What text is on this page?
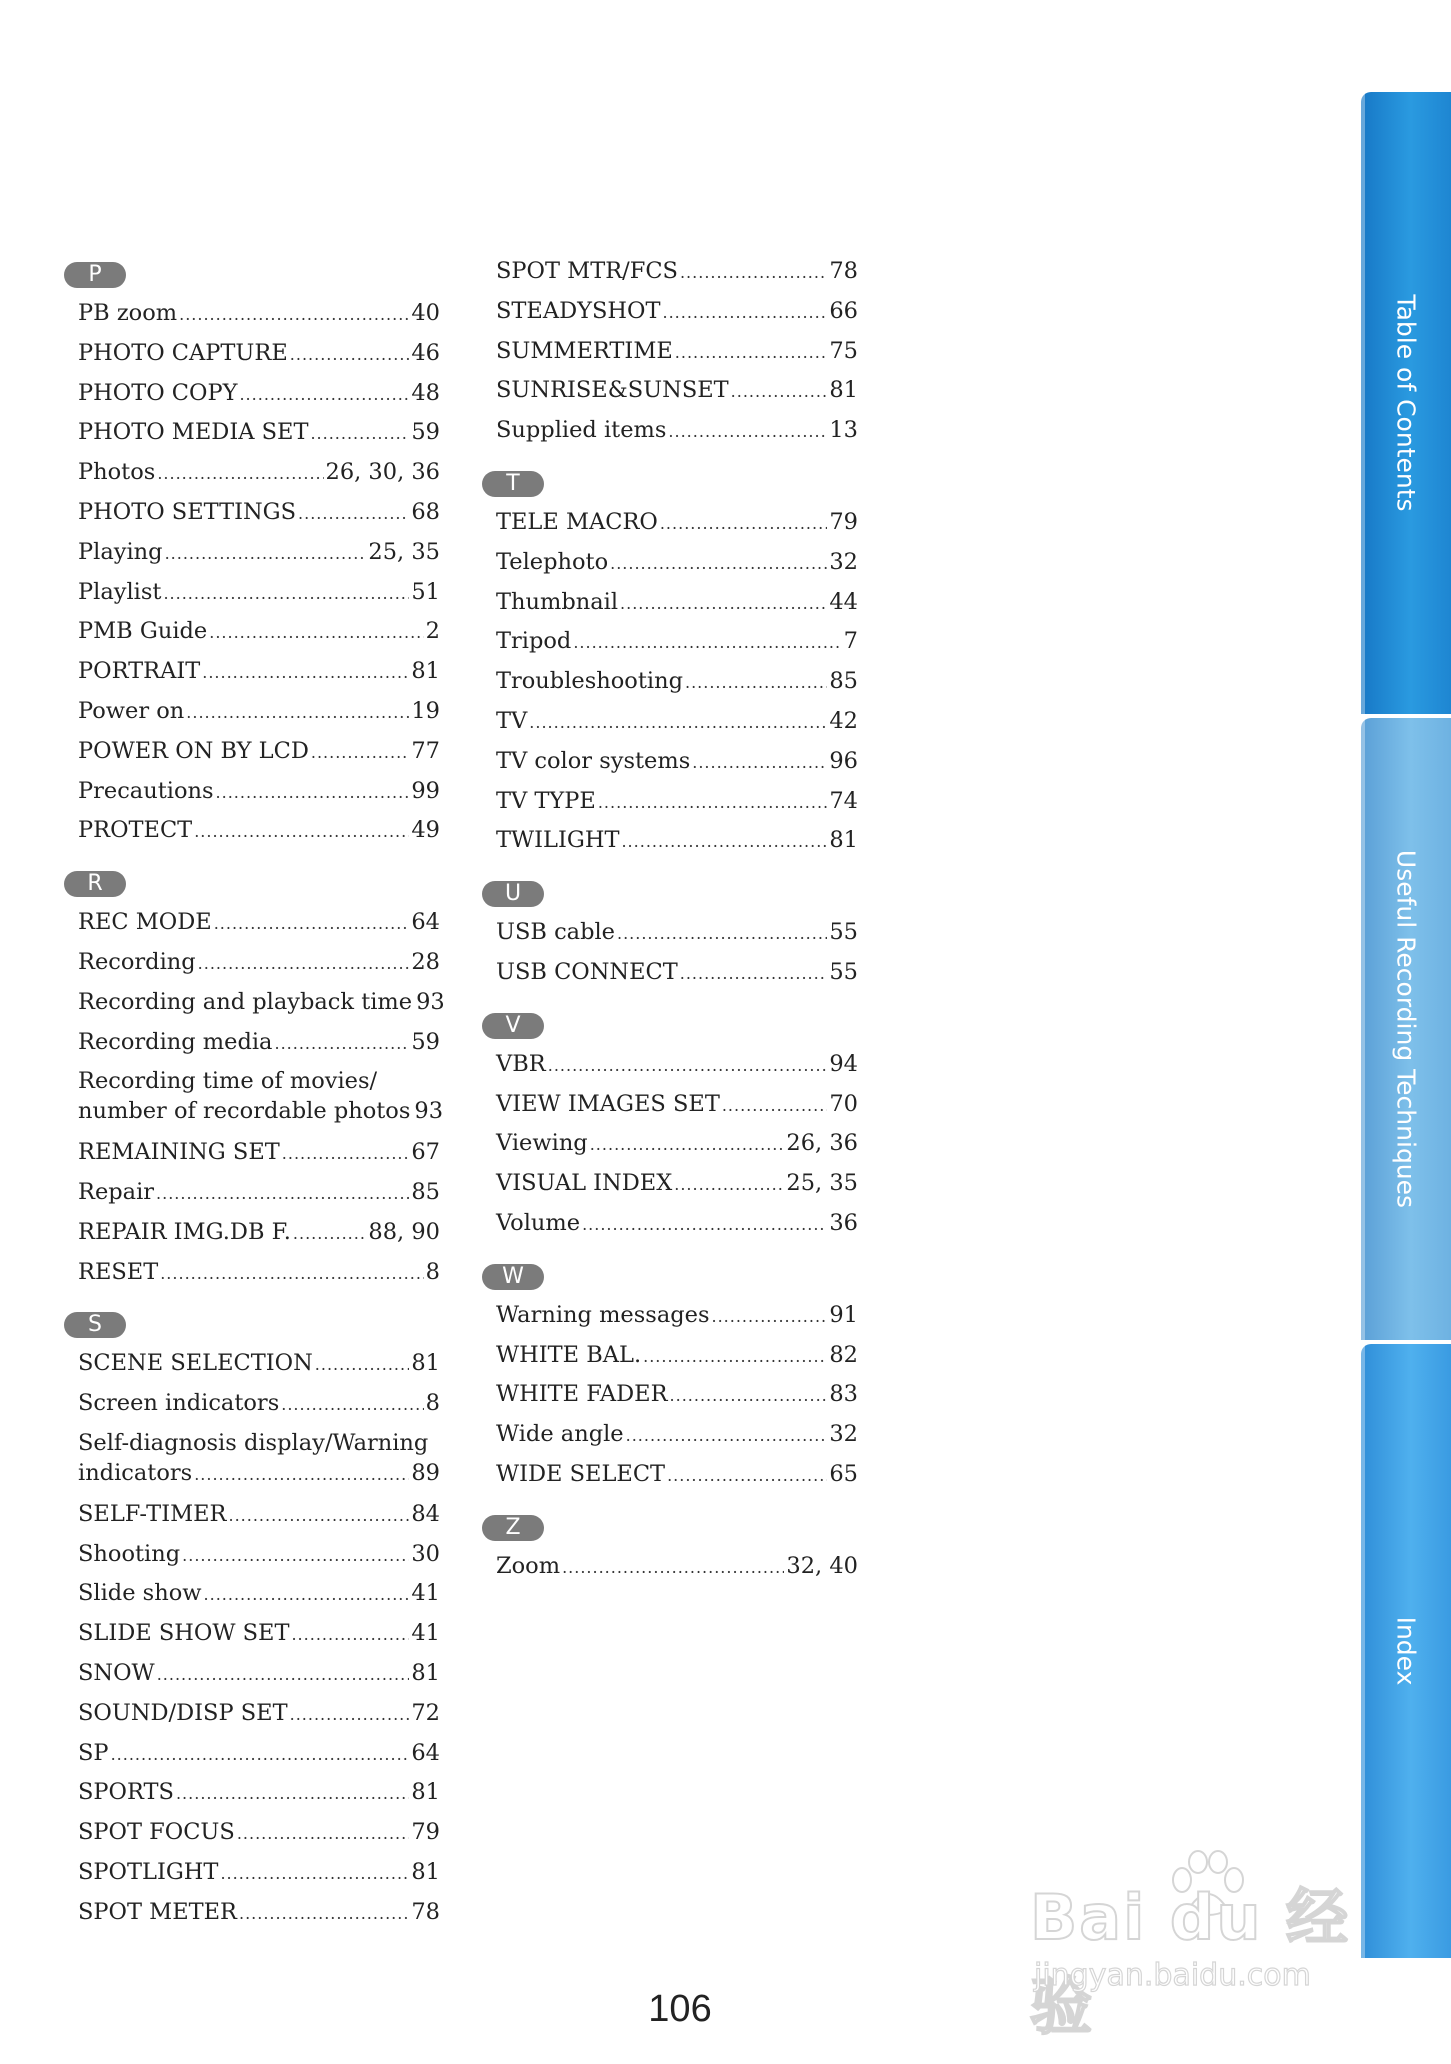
P
PB zoom .....	40
PHOTO CAPTURE .....	46
PHOTO COPY .....	48
PHOTO MEDIA SET .....	59
Photos .....	26, 30, 36
PHOTO SETTINGS .....	68
Playing .....	25, 35
Playlist .....	51
PMB Guide .....	2
PORTRAIT .....	81
Power on .....	19
POWER ON BY LCD .....	77
Precautions .....	99
PROTECT .....	49
R
REC MODE .....	64
Recording .....	28
Recording and playback time 93
Recording media .....	59
Recording time of movies/
number of recordable photos 93
REMAINING SET .....	67
Repair .....	85
REPAIR IMG.DB F. .....	88, 90
RESET .....	8
S
SCENE SELECTION .....	81
Screen indicators .....	8
Self-diagnosis display/Warning
indicators .....	89
SELF-TIMER .....	84
Shooting .....	30
Slide show .....	41
SLIDE SHOW SET .....	41
SNOW .....	81
SOUND/DISP SET .....	72
SP .....	64
SPORTS .....	81
SPOT FOCUS .....	79
SPOTLIGHT .....	81
SPOT METER .....	78
SPOT MTR/FCS .....	78
STEADYSHOT .....	66
SUMMERTIME .....	75
SUNRISE&SUNSET .....	81
Supplied items .....	13
T
TELE MACRO .....	79
Telephoto .....	32
Thumbnail .....	44
Tripod .....	7
Troubleshooting .....	85
TV .....	42
TV color systems .....	96
TV TYPE .....	74
TWILIGHT .....	81
U
USB cable .....	55
USB CONNECT .....	55
V
VBR .....	94
VIEW IMAGES SET .....	70
Viewing .....	26, 36
VISUAL INDEX .....	25, 35
Volume .....	36
W
Warning messages .....	91
WHITE BAL. .....	82
WHITE FADER .....	83
Wide angle .....	32
WIDE SELECT .....	65
Z
Zoom .....	32, 40
Table of Contents
Useful Recording Techniques
Index
106
Bai du 经验
jingyan.baidu.com
